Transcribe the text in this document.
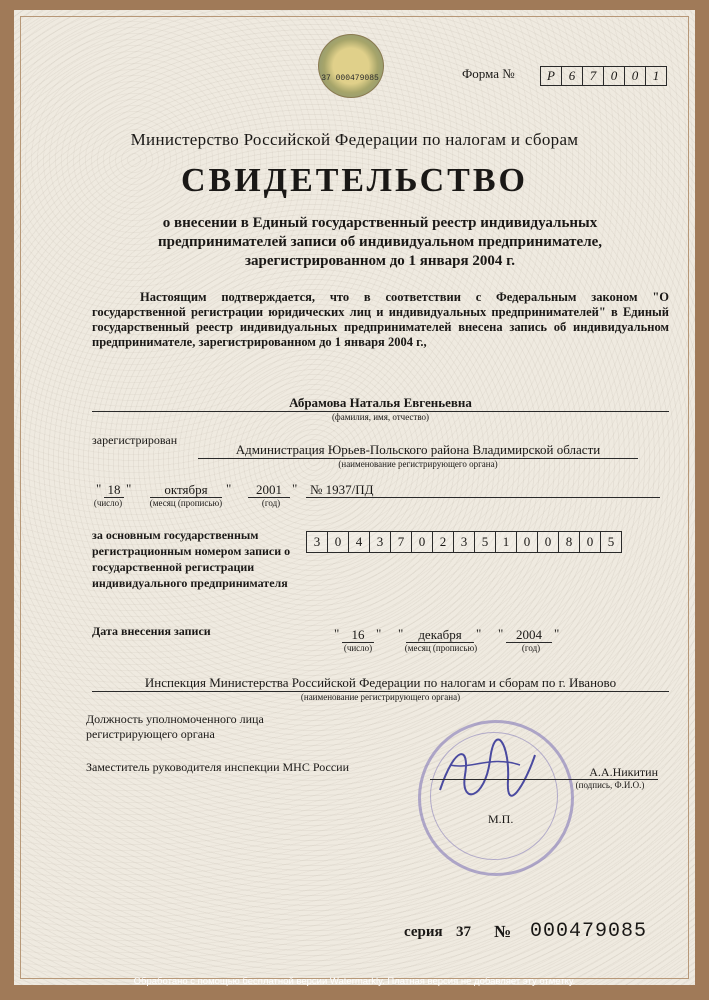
37 000479085	Форма №	Р	6	7	0	0	1
Министерство Российской Федерации по налогам и сборам
СВИДЕТЕЛЬСТВО
о внесении в Единый государственный реестр индивидуальных предпринимателей записи об индивидуальном предпринимателе, зарегистрированном до 1 января 2004 г.
Настоящим подтверждается, что в соответствии с Федеральным законом "О государственной регистрации юридических лиц и индивидуальных предпринимателей" в Единый государственный реестр индивидуальных предпринимателей внесена запись об индивидуальном предпринимателе, зарегистрированном до 1 января 2004 г.,
Абрамова Наталья Евгеньевна
(фамилия, имя, отчество)
зарегистрирован
Администрация Юрьев-Польского района Владимирской области
(наименование регистрирующего органа)
" 18 "	октября	"	2001 " № 1937/ПД
(число)	(месяц (прописью)	(год)
за основным государственным регистрационным номером записи о государственной регистрации индивидуального предпринимателя
3	0	4	3	7	0	2	3	5	1	0	0	8	0	5
Дата внесения записи	" 16 " "	декабря	" " 2004 "
(число)	(месяц (прописью)	(год)
Инспекция Министерства Российской Федерации по налогам и сборам по г. Иваново
(наименование регистрирующего органа)
Должность уполномоченного лица регистрирующего органа
Заместитель руководителя инспекции МНС России	А.А.Никитин
(подпись, Ф.И.О.)
М.П.
серия 37 № 000479085
Обработано с помощью бесплатной версии Watermarkly. Платная версия не добавляет эту отметку.
